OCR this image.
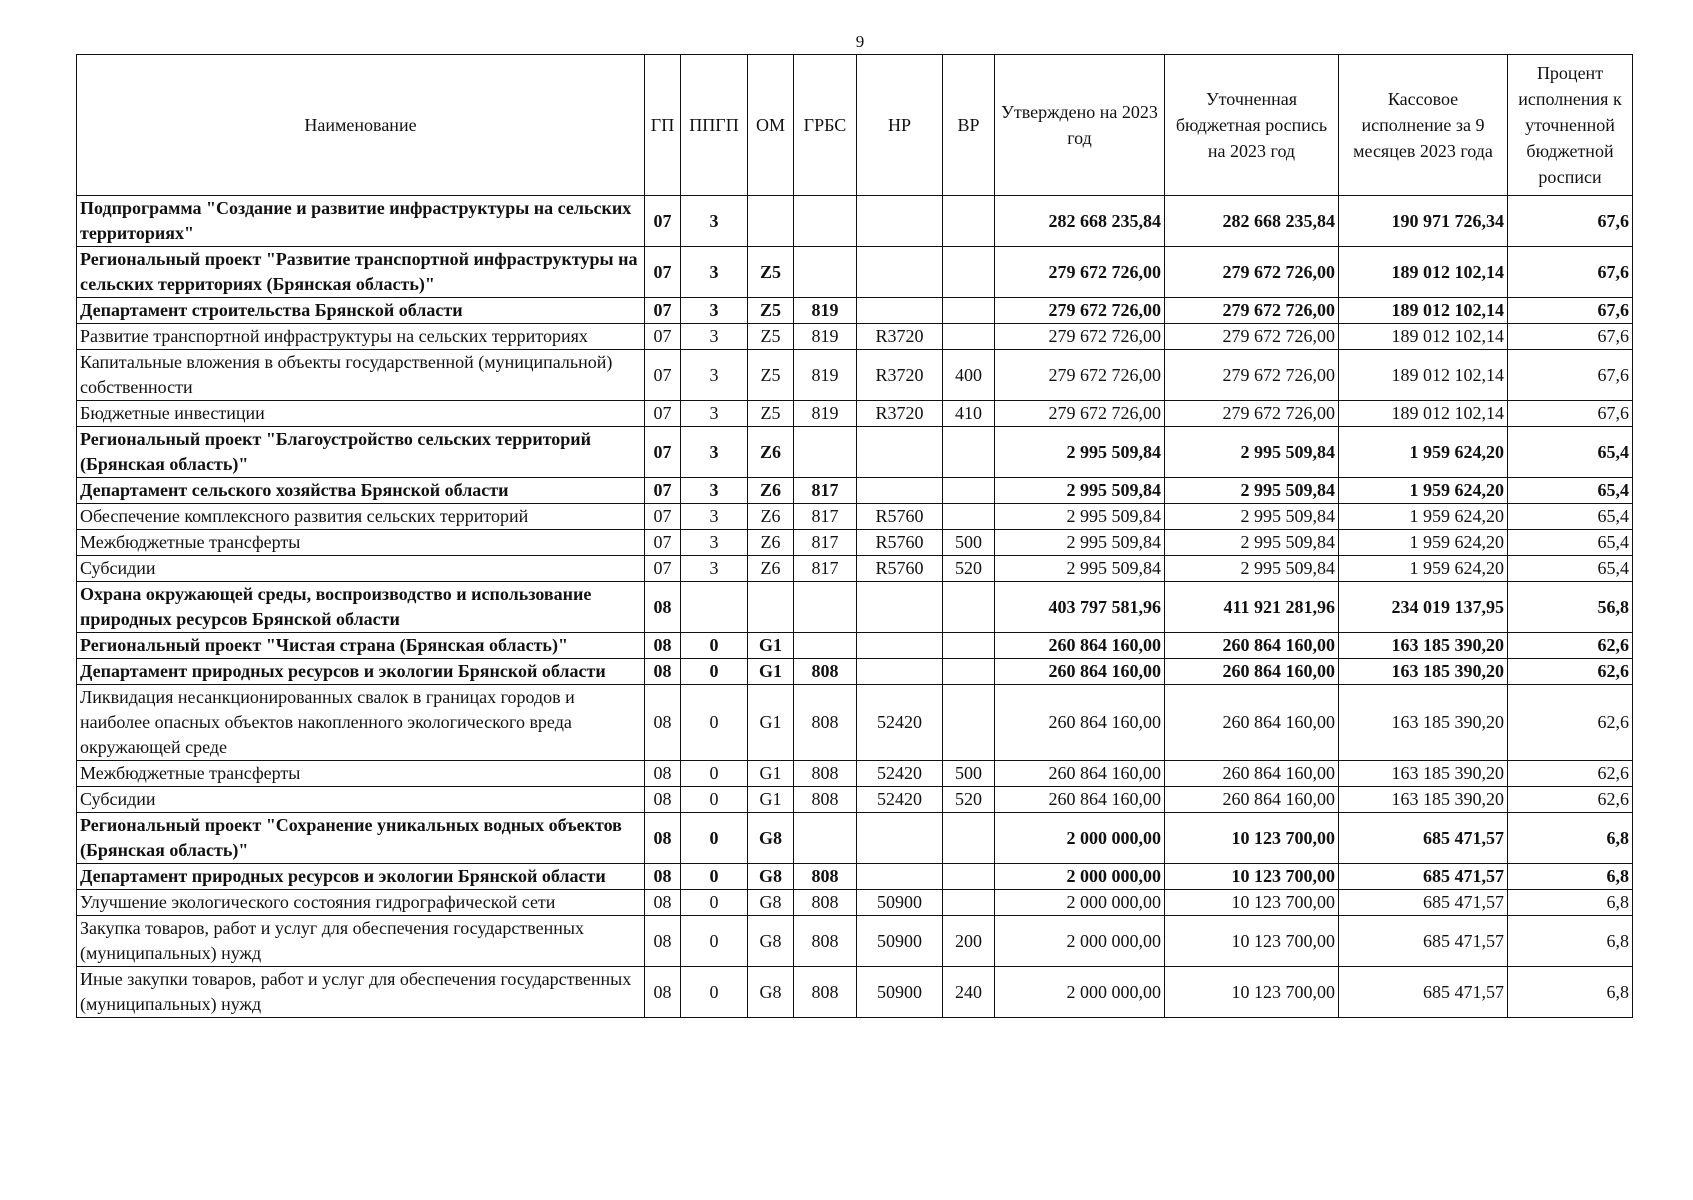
9
Наименование	ГП	ППГП	ОМ	ГРБС	НР	ВР	Утверждено на 2023 год	Уточненная бюджетная роспись на 2023 год	Кассовое исполнение за 9 месяцев 2023 года	Процент исполнения к уточненной бюджетной росписи
Подпрограмма "Создание и развитие инфраструктуры на сельских территориях"	07	3					282 668 235,84	282 668 235,84	190 971 726,34	67,6
Региональный проект "Развитие транспортной инфраструктуры на сельских территориях (Брянская область)"	07	3	Z5				279 672 726,00	279 672 726,00	189 012 102,14	67,6
Департамент строительства Брянской области	07	3	Z5	819			279 672 726,00	279 672 726,00	189 012 102,14	67,6
Развитие транспортной инфраструктуры на сельских территориях	07	3	Z5	819	R3720		279 672 726,00	279 672 726,00	189 012 102,14	67,6
Капитальные вложения в объекты государственной (муниципальной) собственности	07	3	Z5	819	R3720	400	279 672 726,00	279 672 726,00	189 012 102,14	67,6
Бюджетные инвестиции	07	3	Z5	819	R3720	410	279 672 726,00	279 672 726,00	189 012 102,14	67,6
Региональный проект "Благоустройство сельских территорий (Брянская область)"	07	3	Z6				2 995 509,84	2 995 509,84	1 959 624,20	65,4
Департамент сельского хозяйства Брянской области	07	3	Z6	817			2 995 509,84	2 995 509,84	1 959 624,20	65,4
Обеспечение комплексного развития сельских территорий	07	3	Z6	817	R5760		2 995 509,84	2 995 509,84	1 959 624,20	65,4
Межбюджетные трансферты	07	3	Z6	817	R5760	500	2 995 509,84	2 995 509,84	1 959 624,20	65,4
Субсидии	07	3	Z6	817	R5760	520	2 995 509,84	2 995 509,84	1 959 624,20	65,4
Охрана окружающей среды, воспроизводство и использование природных ресурсов Брянской области	08						403 797 581,96	411 921 281,96	234 019 137,95	56,8
Региональный проект "Чистая страна (Брянская область)"	08	0	G1				260 864 160,00	260 864 160,00	163 185 390,20	62,6
Департамент природных ресурсов и экологии Брянской области	08	0	G1	808			260 864 160,00	260 864 160,00	163 185 390,20	62,6
Ликвидация несанкционированных свалок в границах городов и наиболее опасных объектов накопленного экологического вреда окружающей среде	08	0	G1	808	52420		260 864 160,00	260 864 160,00	163 185 390,20	62,6
Межбюджетные трансферты	08	0	G1	808	52420	500	260 864 160,00	260 864 160,00	163 185 390,20	62,6
Субсидии	08	0	G1	808	52420	520	260 864 160,00	260 864 160,00	163 185 390,20	62,6
Региональный проект "Сохранение уникальных водных объектов (Брянская область)"	08	0	G8				2 000 000,00	10 123 700,00	685 471,57	6,8
Департамент природных ресурсов и экологии Брянской области	08	0	G8	808			2 000 000,00	10 123 700,00	685 471,57	6,8
Улучшение экологического состояния гидрографической сети	08	0	G8	808	50900		2 000 000,00	10 123 700,00	685 471,57	6,8
Закупка товаров, работ и услуг для обеспечения государственных (муниципальных) нужд	08	0	G8	808	50900	200	2 000 000,00	10 123 700,00	685 471,57	6,8
Иные закупки товаров, работ и услуг для обеспечения государственных (муниципальных) нужд	08	0	G8	808	50900	240	2 000 000,00	10 123 700,00	685 471,57	6,8
